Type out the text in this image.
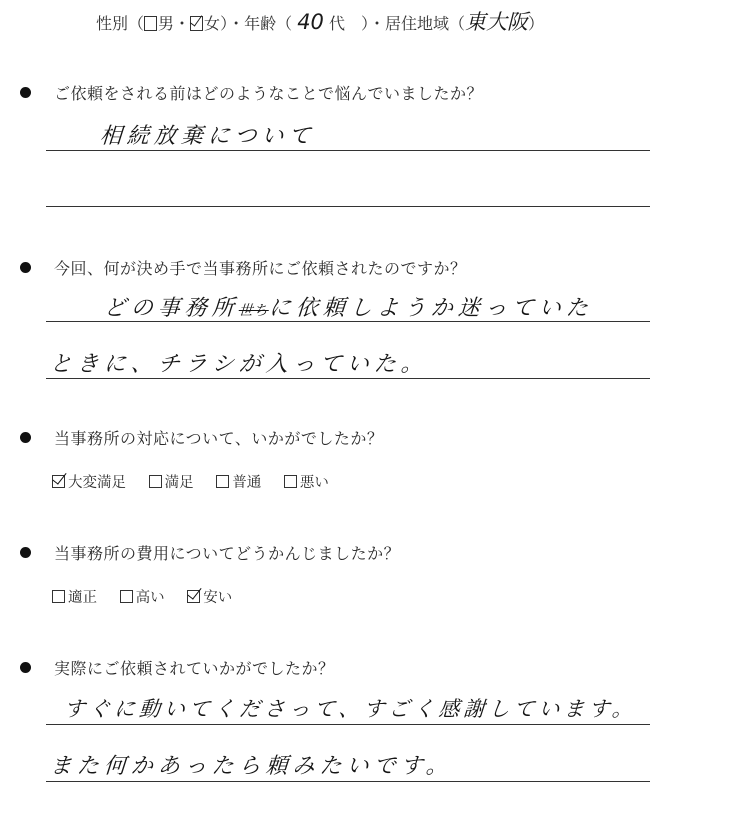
性別（ 男・ 女）・年齢（ 40 代　）・居住地域（東大阪）
ご依頼をされる前はどのようなことで悩んでいましたか？
相続放棄について
今回、何が決め手で当事務所にご依頼されたのですか？
どの事務所世ちに依頼しようか迷っていた
ときに、チラシが入っていた。
当事務所の対応について、いかがでしたか？
大変満足
	満足
	普通
	悪い
当事務所の費用についてどうかんじましたか？
適正
	高い
	安い
実際にご依頼されていかがでしたか？
すぐに動いてくださって、すごく感謝しています。
また何かあったら頼みたいです。
